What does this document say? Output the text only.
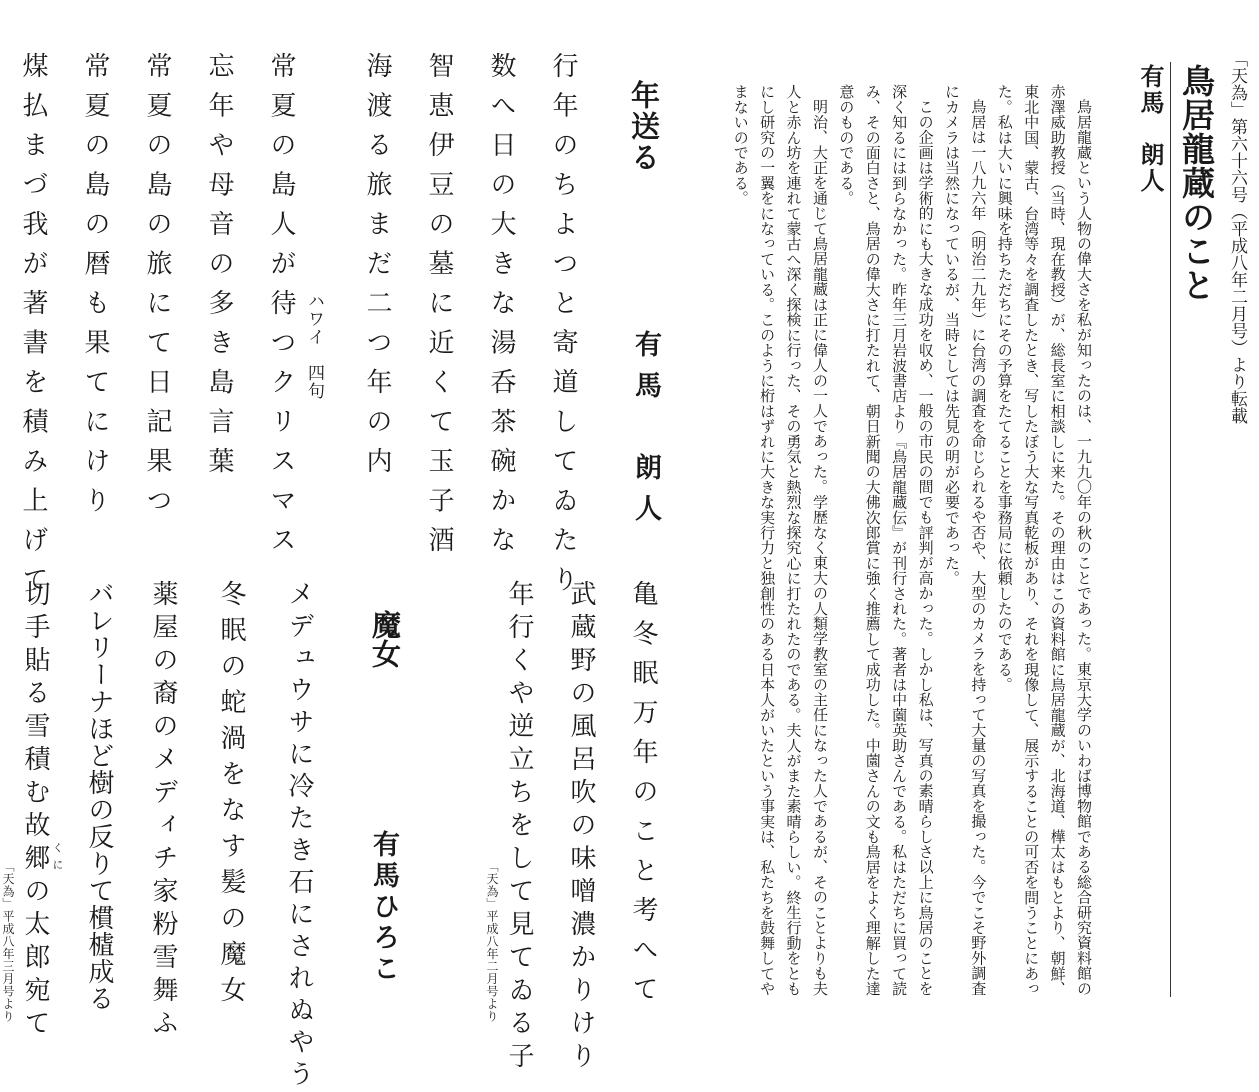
「天為」第六十六号（平成八年二月号）より転載
鳥居龍蔵のこと
有馬　朗人

鳥居龍蔵という人物の偉大さを私が知ったのは、一九九〇年の秋のことであった。東京大学のいわば博物館である総合研究資料館の赤澤威助教授（当時、現在教授）が、総長室に相談しに来た。その理由はこの資料館に鳥居龍蔵が、北海道、樺太はもとより、朝鮮、東北中国、蒙古、台湾等々を調査したとき、写したぼう大な写真乾板があり、それを現像して、展示することの可否を問うことにあった。私は大いに興味を持ちただちにその予算をたてることを事務局に依頼したのである。

鳥居は一八九六年（明治二九年）に台湾の調査を命じられるや否や、大型のカメラを持って大量の写真を撮った。今でこそ野外調査にカメラは当然になっているが、当時としては先見の明が必要であった。

この企画は学術的にも大きな成功を収め、一般の市民の間でも評判が高かった。しかし私は、写真の素晴らしさ以上に鳥居のことを深く知るには到らなかった。昨年三月岩波書店より『鳥居龍蔵伝』が刊行された。著者は中薗英助さんである。私はただちに買って読み、その面白さと、鳥居の偉大さに打たれて、朝日新聞の大佛次郎賞に強く推薦して成功した。中薗さんの文も鳥居をよく理解した達意のものである。

明治、大正を通じて鳥居龍蔵は正に偉人の一人であった。学歴なく東大の人類学教室の主任になった人であるが、そのことよりも夫人と赤ん坊を連れて蒙古へ深く探検に行った、その勇気と熱烈な探究心に打たれたのである。夫人がまた素晴らしい。終生行動をともにし研究の一翼をになっている。このように桁はずれに大きな実行力と独創性のある日本人がいたという事実は、私たちを鼓舞してやまないのである。

年送る
有馬　朗人
行年のちよつと寄道してゐたり
数へ日の大きな湯呑茶碗かな
智恵伊豆の墓に近くて玉子酒
海渡る旅まだ二つ年の内
ハワイ　四句
常夏の島人が待つクリスマス
忘年や母音の多き島言葉
常夏の島の旅にて日記果つ
常夏の島の暦も果てにけり
煤払まづ我が著書を積み上げて
亀冬眠万年のこと考へて
武蔵野の風呂吹の味噌濃かりけり
年行くや逆立ちをして見てゐる子
「天為」平成八年二月号より
魔女
有馬ひろこ
メデュウサに冷たき石にされぬやう
冬眠の蛇渦をなす髪の魔女
薬屋の裔のメディチ家粉雪舞ふ
バレリーナほど樹の反りて樌樝成る
切手貼る雪積む故郷の太郎宛て くに
「天為」平成八年三月号より
